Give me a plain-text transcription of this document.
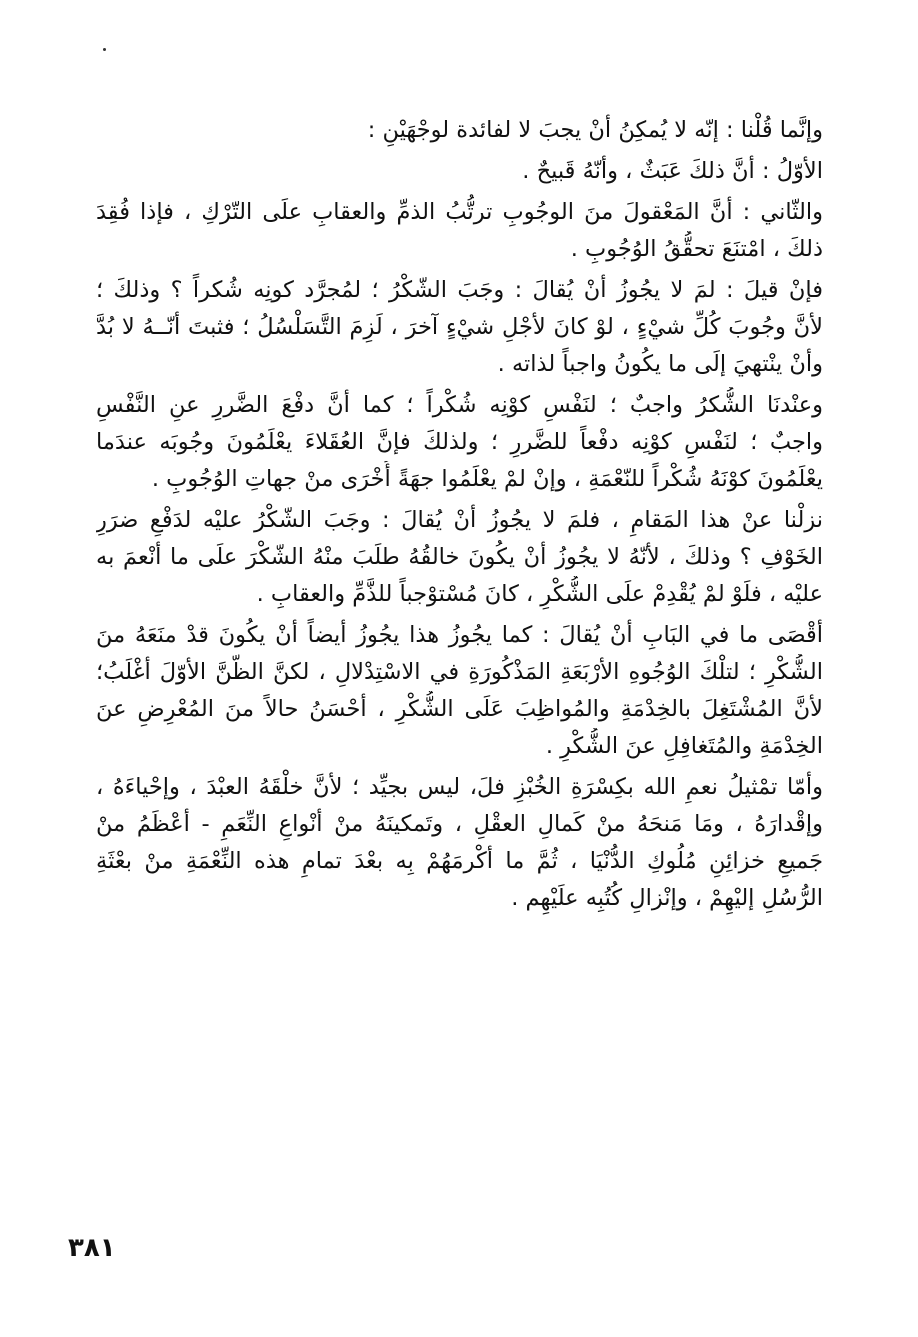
وإنَّما قُلْنا : إنّه لا يُمكِنُ أنْ يجبَ لا لفائدة لوجْهَيْنِ :

الأوّلُ : أنَّ ذلكَ عَبَثٌ ، وأنّهُ قَبيحٌ .

والثّاني : أنَّ المَعْقولَ منَ الوجُوبِ ترتُّبُ الذمِّ والعقابِ علَى التّرْكِ ، فإذا فُقِدَ
ذلكَ ، امْتنَعَ تحقُّقُ الوُجُوبِ .

فإنْ قيلَ : لمَ لا يجُوزُ أنْ يُقالَ : وجَبَ الشّكْرُ ؛ لمُجرَّد كونِه شُكراً ؟ وذلكَ ؛
لأنَّ وجُوبَ كُلِّ شيْءٍ ، لوْ كانَ لأجْلِ شيْءٍ آخرَ ، لَزِمَ التَّسَلْسُلُ ؛ فثبتَ أنّــهُ لا بُدَّ
وأنْ ينْتهيَ إلَى ما يكُونُ واجباً لذاته .

وعنْدنَا الشُّكرُ واجبٌ ؛ لنَفْسِ كوْنِه شُكْراً ؛ كما أنَّ دفْعَ الضَّررِ عنِ النَّفْسِ
واجبٌ ؛ لنَفْسِ كوْنِه دفْعاً للضَّررِ ؛ ولذلكَ فإنَّ العُقَلاءَ يعْلَمُونَ وجُوبَه عندَما
يعْلَمُونَ كوْنَهُ شُكْراً للنّعْمَةِ ، وإنْ لمْ يعْلَمُوا جهَةً أُخْرَى منْ جهاتِ الوُجُوبِ .

نزلْنا عنْ هذا المَقامِ ، فلمَ لا يجُوزُ أنْ يُقالَ : وجَبَ الشّكْرُ عليْه لدَفْعِ ضرَرِ
الخَوْفِ ؟ وذلكَ ، لأنّهُ لا يجُوزُ أنْ يكُونَ خالقُهُ طلَبَ منْهُ الشّكْرَ علَى ما أنْعمَ به
عليْه ، فلَوْ لمْ يُقْدِمْ علَى الشُّكْرِ ، كانَ مُسْتوْجباً للذَّمِّ والعقابِ .

أقْصَى ما في البَابِ أنْ يُقالَ : كما يجُوزُ هذا يجُوزُ أيضاً أنْ يكُونَ قدْ منَعَهُ منَ
الشُّكْرِ ؛ لتلْكَ الوُجُوهِ الأرْبَعَةِ المَذْكُورَةِ في الاسْتِدْلالِ ، لكنَّ الظّنَّ الأوّلَ أغْلَبُ؛
لأنَّ المُشْتَغِلَ بالخِدْمَةِ والمُواظِبَ عَلَى الشُّكْرِ ، أحْسَنُ حالاً منَ المُعْرِضِ عنَ
الخِدْمَةِ والمُتَغافِلِ عنَ الشُّكْرِ .

وأمّا تمْثيلُ نعمِ الله بكِسْرَةِ الخُبْزِ فلَ، ليس بجيِّد ؛ لأنَّ خلْقَهُ العبْدَ ، وإحْياءَهُ ،
وإقْدارَهُ ، ومَا مَنحَهُ منْ كَمالِ العقْلِ ، وتَمكينَهُ منْ أنْواعِ النِّعَمِ - أعْظَمُ منْ
جَميعِ خزائِنِ مُلُوكِ الدُّنْيَا ، ثُمَّ ما أكْرمَهُمْ بِه بعْدَ تمامِ هذه النِّعْمَةِ منْ بعْثَةِ
الرُّسُلِ إليْهِمْ ، وإنْزالِ كُتُبِه علَيْهِم .

٣٨١
